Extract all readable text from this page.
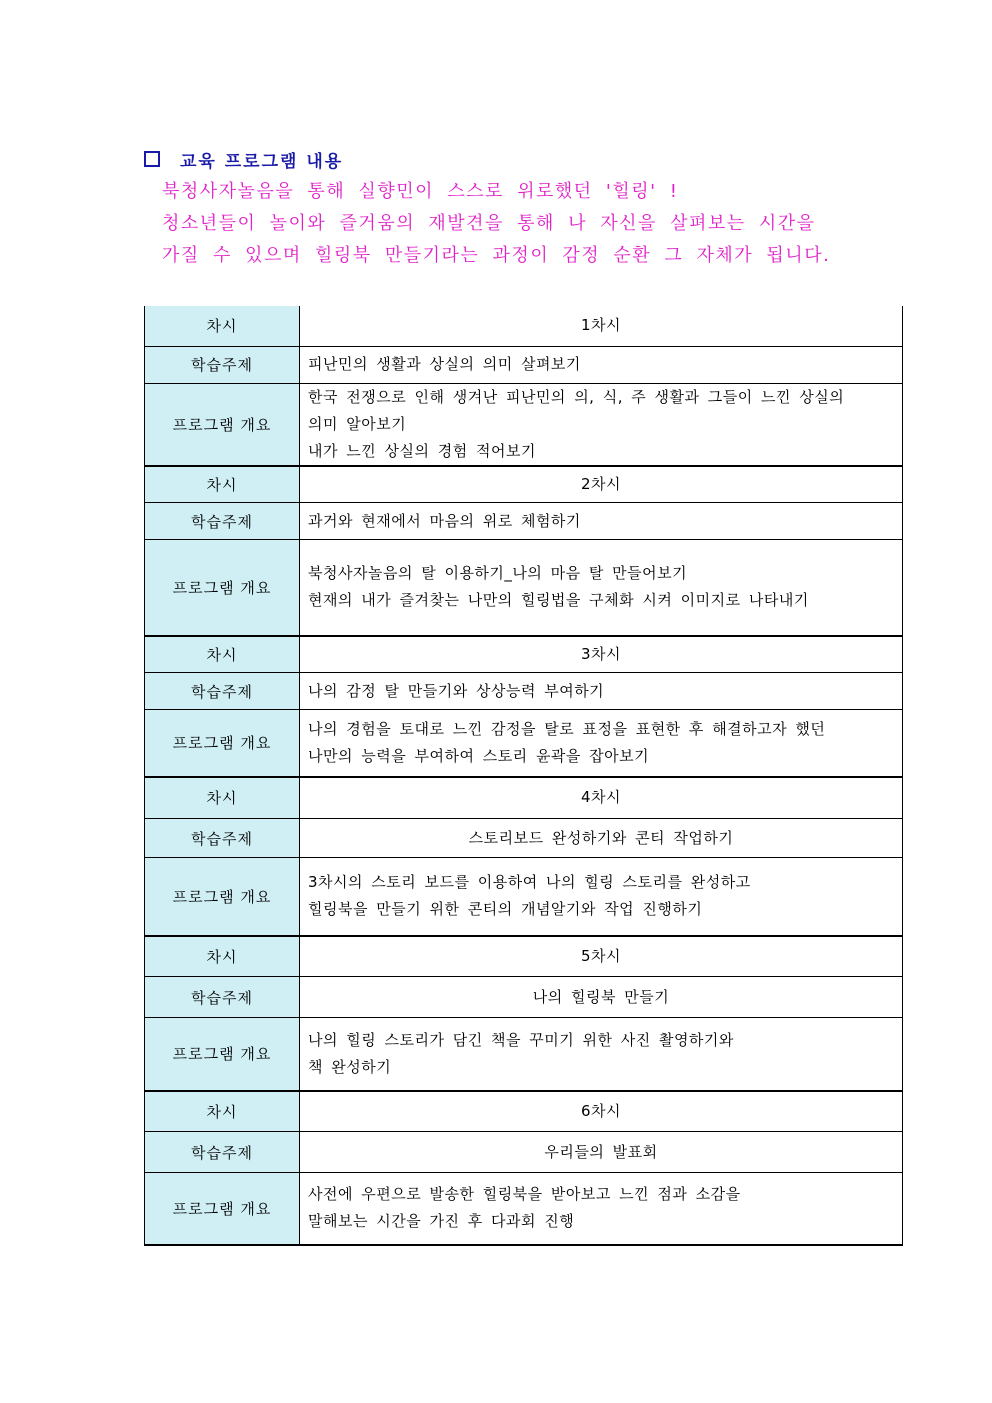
교육 프로그램 내용

북청사자놀음을 통해 실향민이 스스로 위로했던 '힐링' !

청소년들이 놀이와 즐거움의 재발견을 통해 나 자신을 살펴보는 시간을

가질 수 있으며 힐링북 만들기라는 과정이 감정 순환 그 자체가 됩니다.

차시	1차시
학습주제	피난민의 생활과 상실의 의미 살펴보기
프로그램 개요	한국 전쟁으로 인해 생겨난 피난민의 의, 식, 주 생활과 그들이 느낀 상실의
의미 알아보기
내가 느낀 상실의 경험 적어보기

차시	2차시
학습주제	과거와 현재에서 마음의 위로 체험하기
프로그램 개요	북청사자놀음의 탈 이용하기_나의 마음 탈 만들어보기
현재의 내가 즐겨찾는 나만의 힐링법을 구체화 시켜 이미지로 나타내기

차시	3차시
학습주제	나의 감정 탈 만들기와 상상능력 부여하기
프로그램 개요	나의 경험을 토대로 느낀 감정을 탈로 표정을 표현한 후 해결하고자 했던
나만의 능력을 부여하여 스토리 윤곽을 잡아보기

차시	4차시
학습주제	스토리보드 완성하기와 콘티 작업하기
프로그램 개요	3차시의 스토리 보드를 이용하여 나의 힐링 스토리를 완성하고
힐링북을 만들기 위한 콘티의 개념알기와 작업 진행하기

차시	5차시
학습주제	나의 힐링북 만들기
프로그램 개요	나의 힐링 스토리가 담긴 책을 꾸미기 위한 사진 촬영하기와
책 완성하기

차시	6차시
학습주제	우리들의 발표회
프로그램 개요	사전에 우편으로 발송한 힐링북을 받아보고 느낀 점과 소감을
말해보는 시간을 가진 후 다과회 진행
